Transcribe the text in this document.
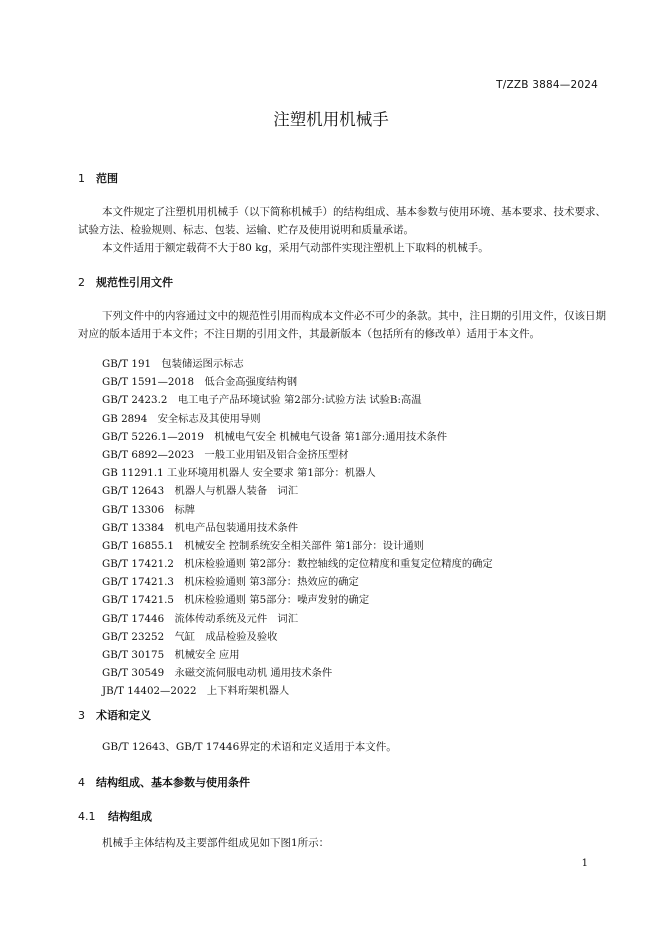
T/ZZB 3884—2024
注塑机用机械手
1 范围
本文件规定了注塑机用机械手（以下简称机械手）的结构组成、基本参数与使用环境、基本要求、技术要求、试验方法、检验规则、标志、包装、运输、贮存及使用说明和质量承诺。
本文件适用于额定载荷不大于80 kg，采用气动部件实现注塑机上下取料的机械手。
2 规范性引用文件
下列文件中的内容通过文中的规范性引用而构成本文件必不可少的条款。其中，注日期的引用文件，仅该日期对应的版本适用于本文件；不注日期的引用文件，其最新版本（包括所有的修改单）适用于本文件。
GB/T 191　包装储运图示标志
GB/T 1591—2018　低合金高强度结构钢
GB/T 2423.2　电工电子产品环境试验 第2部分:试验方法 试验B:高温
GB 2894　安全标志及其使用导则
GB/T 5226.1—2019　机械电气安全 机械电气设备 第1部分:通用技术条件
GB/T 6892—2023　一般工业用铝及铝合金挤压型材
GB 11291.1 工业环境用机器人 安全要求 第1部分：机器人
GB/T 12643　机器人与机器人装备　词汇
GB/T 13306　标牌
GB/T 13384　机电产品包装通用技术条件
GB/T 16855.1　机械安全 控制系统安全相关部件 第1部分：设计通则
GB/T 17421.2　机床检验通则 第2部分：数控轴线的定位精度和重复定位精度的确定
GB/T 17421.3　机床检验通则 第3部分：热效应的确定
GB/T 17421.5　机床检验通则 第5部分：噪声发射的确定
GB/T 17446　流体传动系统及元件　词汇
GB/T 23252　气缸　成品检验及验收
GB/T 30175　机械安全 应用
GB/T 30549　永磁交流伺服电动机 通用技术条件
JB/T 14402—2022　上下料珩架机器人
3 术语和定义
GB/T 12643、GB/T 17446界定的术语和定义适用于本文件。
4 结构组成、基本参数与使用条件
4.1 结构组成
机械手主体结构及主要部件组成见如下图1所示：
1
